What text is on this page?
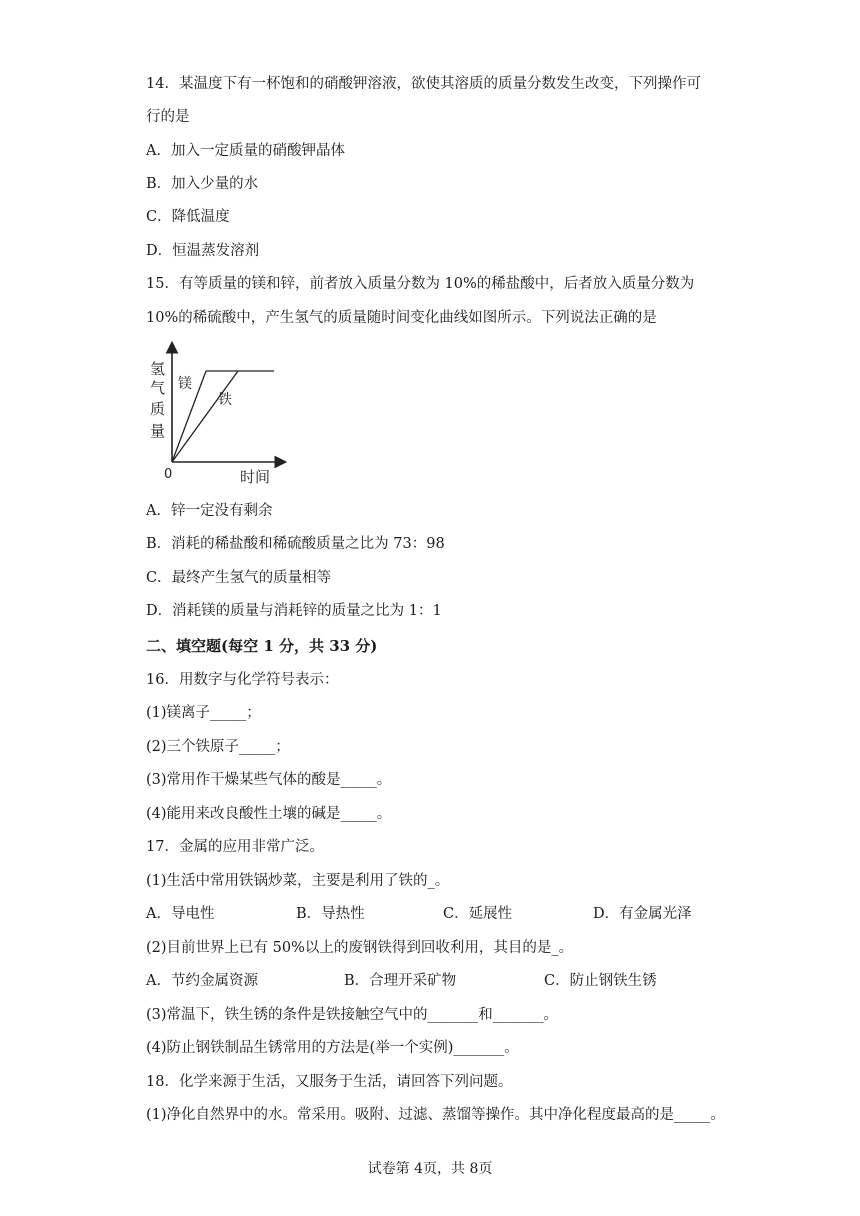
14．某温度下有一杯饱和的硝酸钾溶液，欲使其溶质的质量分数发生改变，下列操作可
行的是
A．加入一定质量的硝酸钾晶体
B．加入少量的水
C．降低温度
D．恒温蒸发溶剂
15．有等质量的镁和锌，前者放入质量分数为 10%的稀盐酸中，后者放入质量分数为
10%的稀硫酸中，产生氢气的质量随时间变化曲线如图所示。下列说法正确的是
氢
气
质
量
0	时间
镁
铁
A．锌一定没有剩余
B．消耗的稀盐酸和稀硫酸质量之比为 73：98
C．最终产生氢气的质量相等
D．消耗镁的质量与消耗锌的质量之比为 1：1
二、填空题(每空 1 分，共 33 分)
16．用数字与化学符号表示：
(1)镁离子_____；
(2)三个铁原子_____；
(3)常用作干燥某些气体的酸是_____。
(4)能用来改良酸性土壤的碱是_____。
17．金属的应用非常广泛。
(1)生活中常用铁锅炒菜，主要是利用了铁的_。
A．导电性	B．导热性	C．延展性	D．有金属光泽
(2)目前世界上已有 50%以上的废钢铁得到回收利用，其目的是_。
A．节约金属资源	B．合理开采矿物	C．防止钢铁生锈
(3)常温下，铁生锈的条件是铁接触空气中的_______和_______。
(4)防止钢铁制品生锈常用的方法是(举一个实例)_______。
18．化学来源于生活，又服务于生活，请回答下列问题。
(1)净化自然界中的水。常采用。吸附、过滤、蒸馏等操作。其中净化程度最高的是_____。
试卷第 4页，共 8页
